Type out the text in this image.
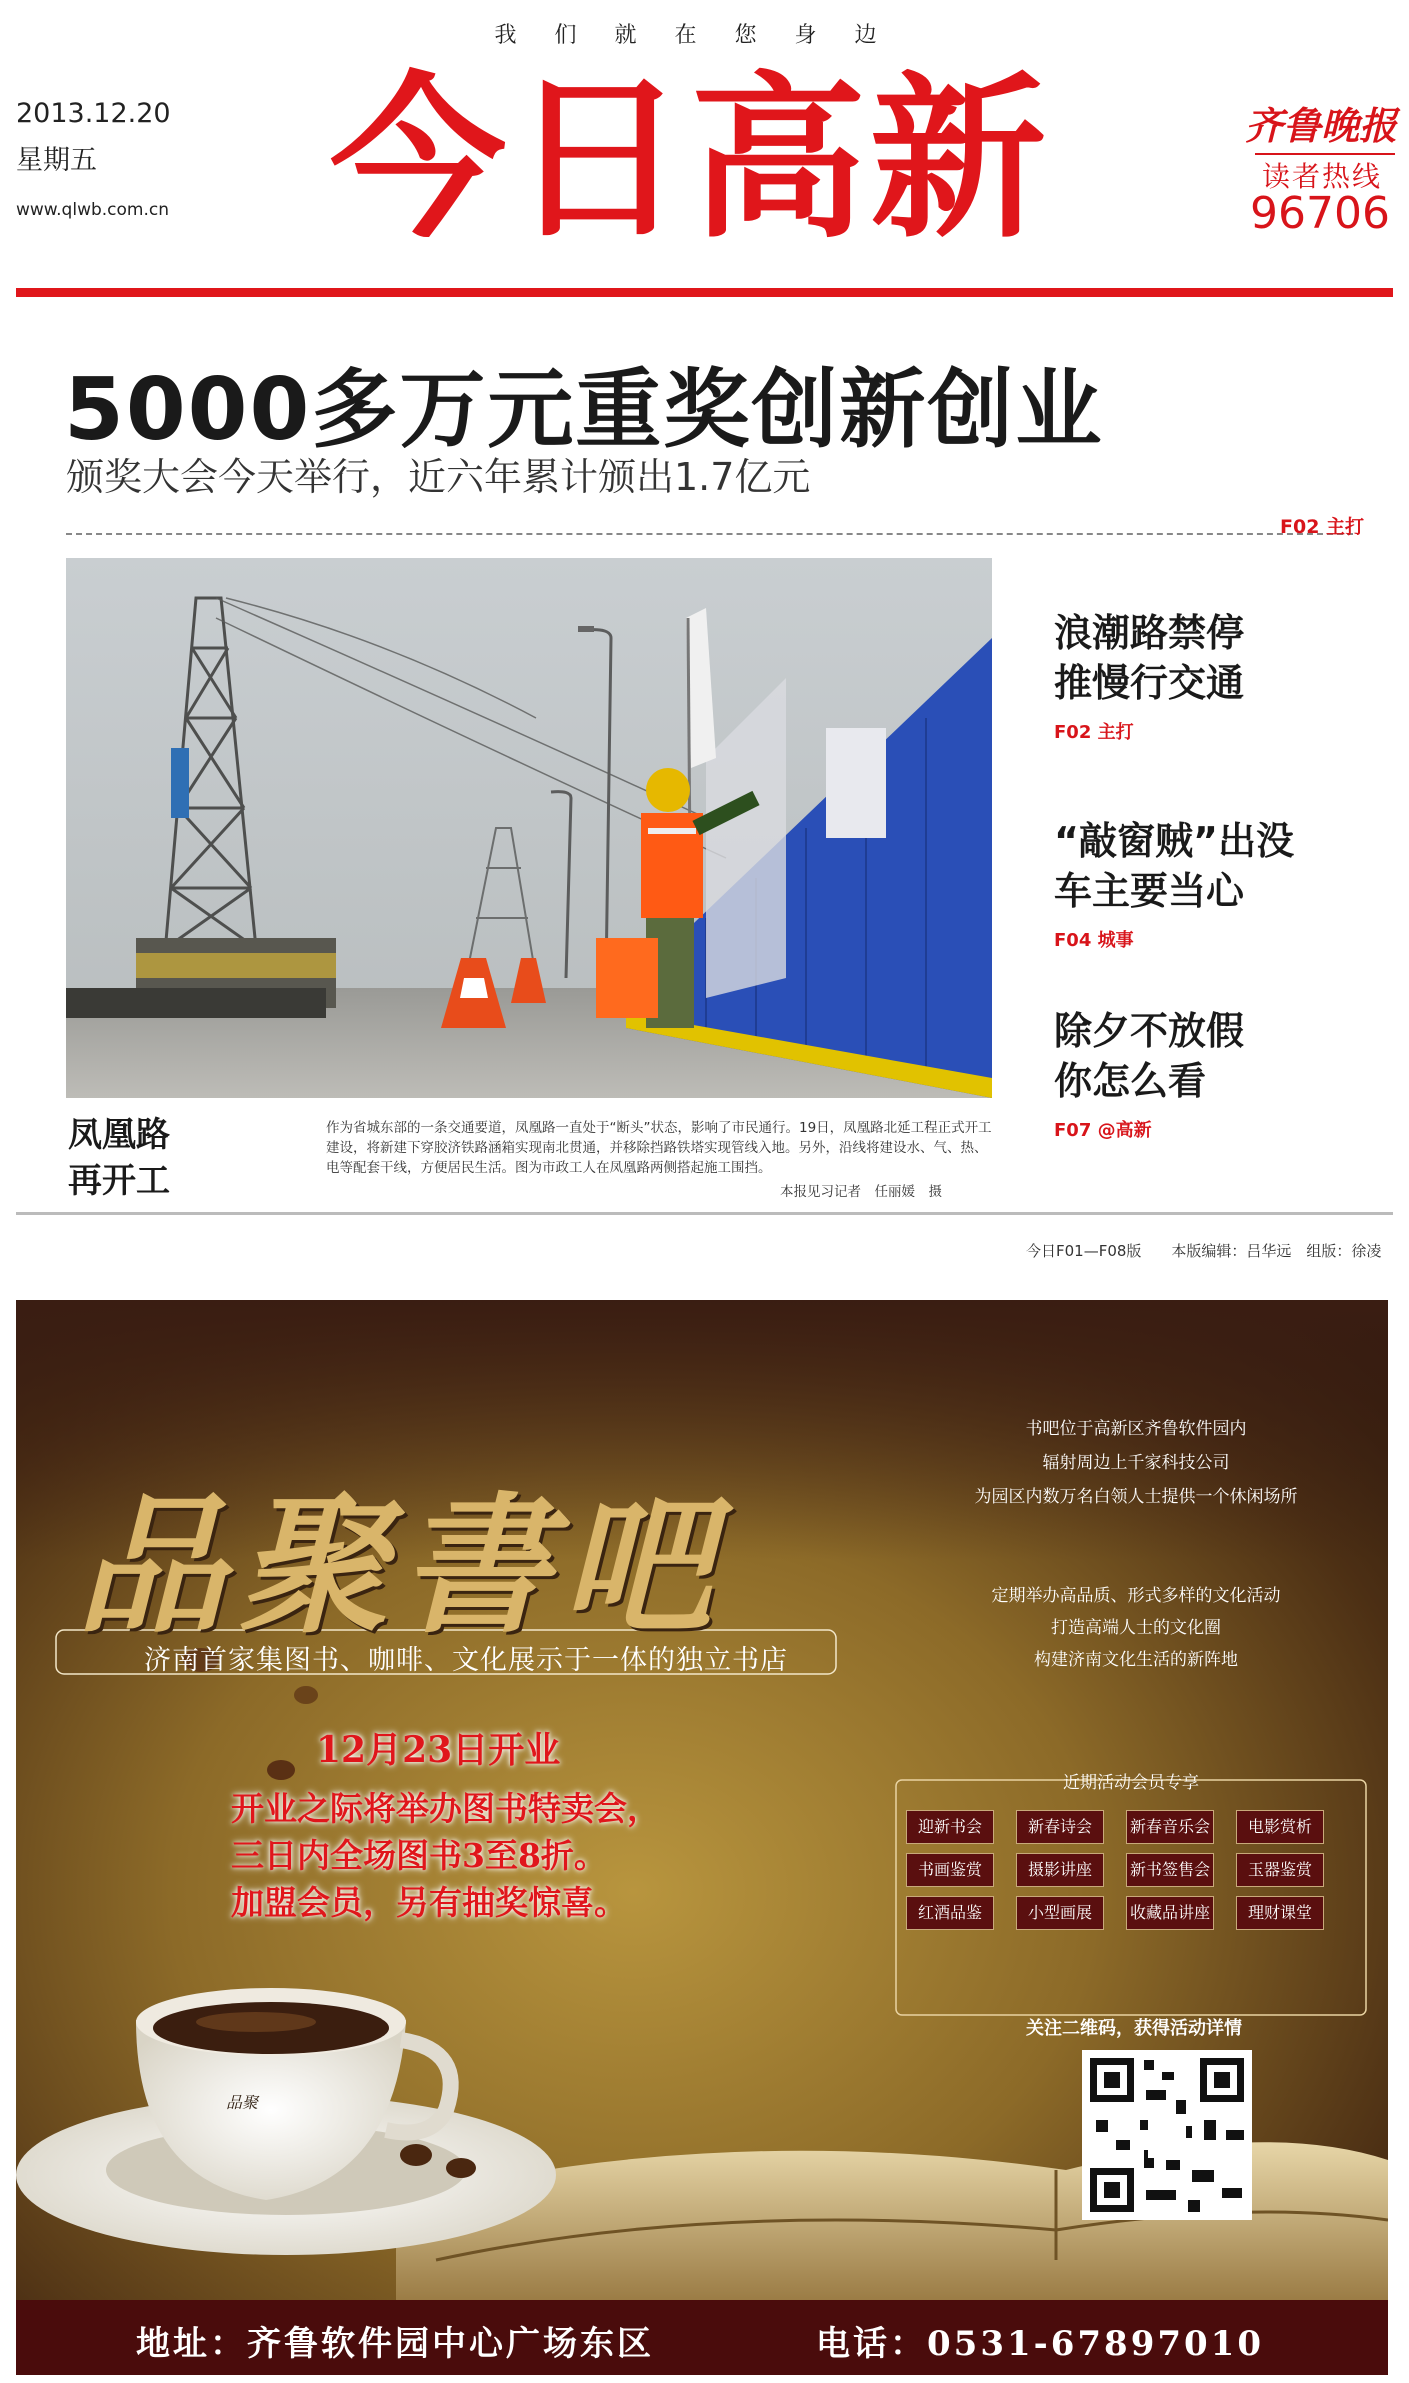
我们就在您身边
2013.12.20
星期五
www.qlwb.com.cn 今日高新	齐鲁晚报
读者热线
96706
5000多万元重奖创新创业
颁奖大会今天举行，近六年累计颁出1.7亿元
F02 主打
凤凰路
再开工
作为省城东部的一条交通要道，凤凰路一直处于“断头”状态，影响了市民通行。19日，凤凰路北延工程正式开工建设，将新建下穿胶济铁路涵箱实现南北贯通，并移除挡路铁塔实现管线入地。另外，沿线将建设水、气、热、电等配套干线，方便居民生活。图为市政工人在凤凰路两侧搭起施工围挡。
本报见习记者　任丽媛　摄
浪潮路禁停
推慢行交通
F02 主打
“敲窗贼”出没
车主要当心
F04 城事
除夕不放假
你怎么看
F07 @高新
今日F01—F08版　　本版编辑：吕华远　组版：徐凌
品聚書吧
济南首家集图书、咖啡、文化展示于一体的独立书店
书吧位于高新区齐鲁软件园内
辐射周边上千家科技公司
为园区内数万名白领人士提供一个休闲场所
定期举办高品质、形式多样的文化活动
打造高端人士的文化圈
构建济南文化生活的新阵地
12月23日开业
开业之际将举办图书特卖会，
三日内全场图书3至8折。
加盟会员，另有抽奖惊喜。
近期活动会员专享
迎新书会	新春诗会	新春音乐会	电影赏析
书画鉴赏	摄影讲座	新书签售会	玉器鉴赏
红酒品鉴	小型画展	收藏品讲座	理财课堂
关注二维码，获得活动详情
品聚
地址：齐鲁软件园中心广场东区	电话：0531-67897010
